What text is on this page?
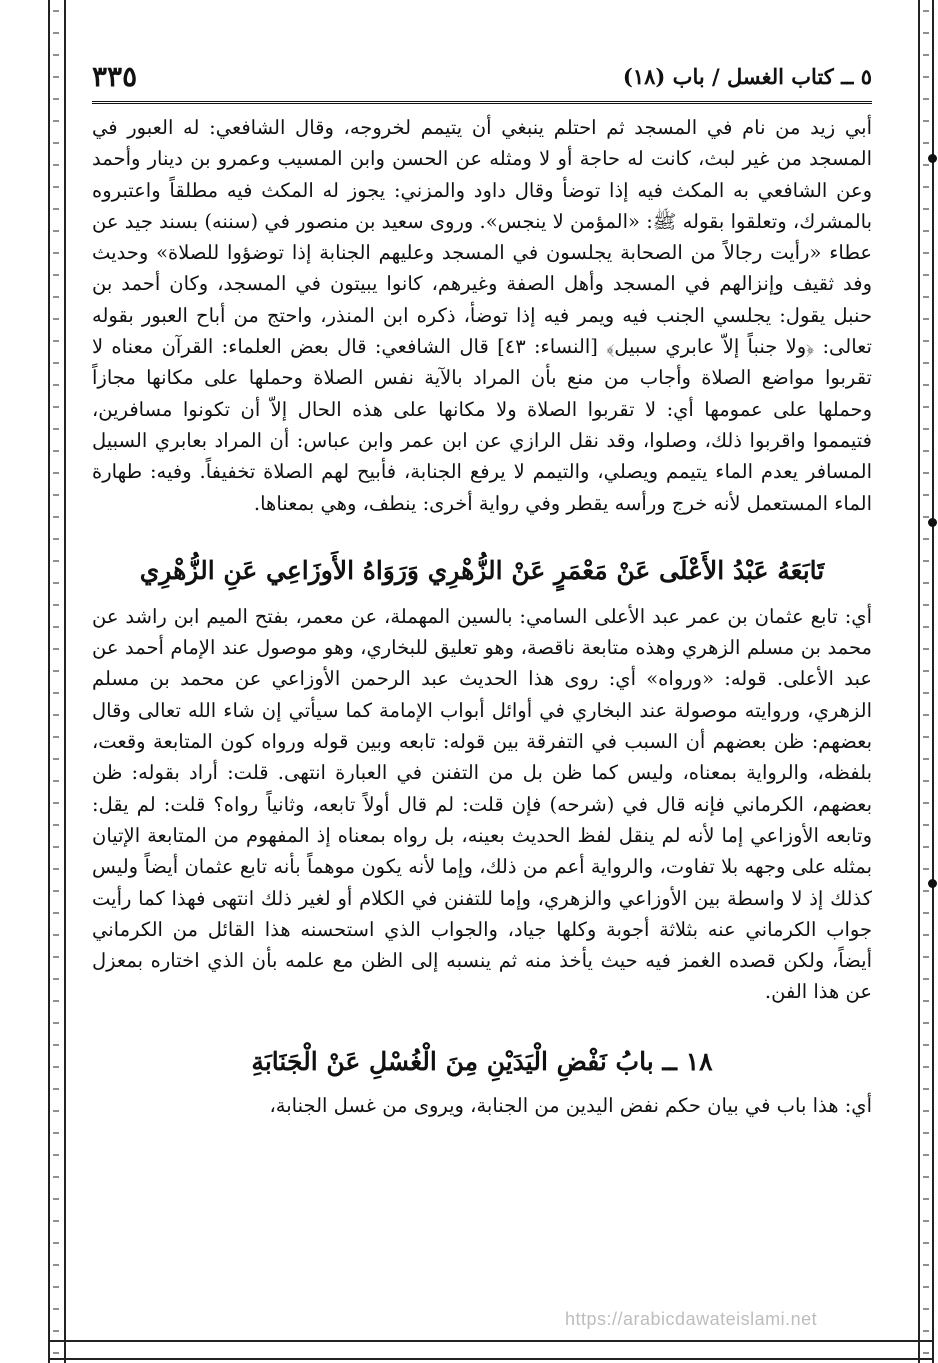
٥ ــ كتاب الغسل / باب (١٨)
٣٣٥

أبي زيد من نام في المسجد ثم احتلم ينبغي أن يتيمم لخروجه، وقال الشافعي: له العبور في المسجد من غير لبث، كانت له حاجة أو لا ومثله عن الحسن وابن المسيب وعمرو بن دينار وأحمد وعن الشافعي به المكث فيه إذا توضأ وقال داود والمزني: يجوز له المكث فيه مطلقاً واعتبروه بالمشرك، وتعلقوا بقوله ﷺ: «المؤمن لا ينجس». وروى سعيد بن منصور في (سننه) بسند جيد عن عطاء «رأيت رجالاً من الصحابة يجلسون في المسجد وعليهم الجنابة إذا توضؤوا للصلاة» وحديث وفد ثقيف وإنزالهم في المسجد وأهل الصفة وغيرهم، كانوا يبيتون في المسجد، وكان أحمد بن حنبل يقول: يجلسي الجنب فيه ويمر فيه إذا توضأ، ذكره ابن المنذر، واحتج من أباح العبور بقوله تعالى: ﴿ولا جنباً إلاّ عابري سبيل﴾ [النساء: ٤٣] قال الشافعي: قال بعض العلماء: القرآن معناه لا تقربوا مواضع الصلاة وأجاب من منع بأن المراد بالآية نفس الصلاة وحملها على مكانها مجازاً وحملها على عمومها أي: لا تقربوا الصلاة ولا مكانها على هذه الحال إلاّ أن تكونوا مسافرين، فتيمموا واقربوا ذلك، وصلوا، وقد نقل الرازي عن ابن عمر وابن عباس: أن المراد بعابري السبيل المسافر يعدم الماء يتيمم ويصلي، والتيمم لا يرفع الجنابة، فأبيح لهم الصلاة تخفيفاً. وفيه: طهارة الماء المستعمل لأنه خرج ورأسه يقطر وفي رواية أخرى: ينطف، وهي بمعناها.

تَابَعَهُ عَبْدُ الأَعْلَى عَنْ مَعْمَرٍ عَنْ الزُّهْرِي وَرَوَاهُ الأَوزَاعِي عَنِ الزُّهْرِي

أي: تابع عثمان بن عمر عبد الأعلى السامي: بالسين المهملة، عن معمر، بفتح الميم ابن راشد عن محمد بن مسلم الزهري وهذه متابعة ناقصة، وهو تعليق للبخاري، وهو موصول عند الإمام أحمد عن عبد الأعلى. قوله: «ورواه» أي: روى هذا الحديث عبد الرحمن الأوزاعي عن محمد بن مسلم الزهري، وروايته موصولة عند البخاري في أوائل أبواب الإمامة كما سيأتي إن شاء الله تعالى وقال بعضهم: ظن بعضهم أن السبب في التفرقة بين قوله: تابعه وبين قوله ورواه كون المتابعة وقعت، بلفظه، والرواية بمعناه، وليس كما ظن بل من التفنن في العبارة انتهى. قلت: أراد بقوله: ظن بعضهم، الكرماني فإنه قال في (شرحه) فإن قلت: لم قال أولاً تابعه، وثانياً رواه؟ قلت: لم يقل: وتابعه الأوزاعي إما لأنه لم ينقل لفظ الحديث بعينه، بل رواه بمعناه إذ المفهوم من المتابعة الإتيان بمثله على وجهه بلا تفاوت، والرواية أعم من ذلك، وإما لأنه يكون موهماً بأنه تابع عثمان أيضاً وليس كذلك إذ لا واسطة بين الأوزاعي والزهري، وإما للتفنن في الكلام أو لغير ذلك انتهى فهذا كما رأيت جواب الكرماني عنه بثلاثة أجوبة وكلها جياد، والجواب الذي استحسنه هذا القائل من الكرماني أيضاً، ولكن قصده الغمز فيه حيث يأخذ منه ثم ينسبه إلى الظن مع علمه بأن الذي اختاره بمعزل عن هذا الفن.

١٨ ــ بابُ نَفْضِ الْيَدَيْنِ مِنَ الْغُسْلِ عَنْ الْجَنَابَةِ

أي: هذا باب في بيان حكم نفض اليدين من الجنابة، ويروى من غسل الجنابة،

https://arabicdawateislami.net
